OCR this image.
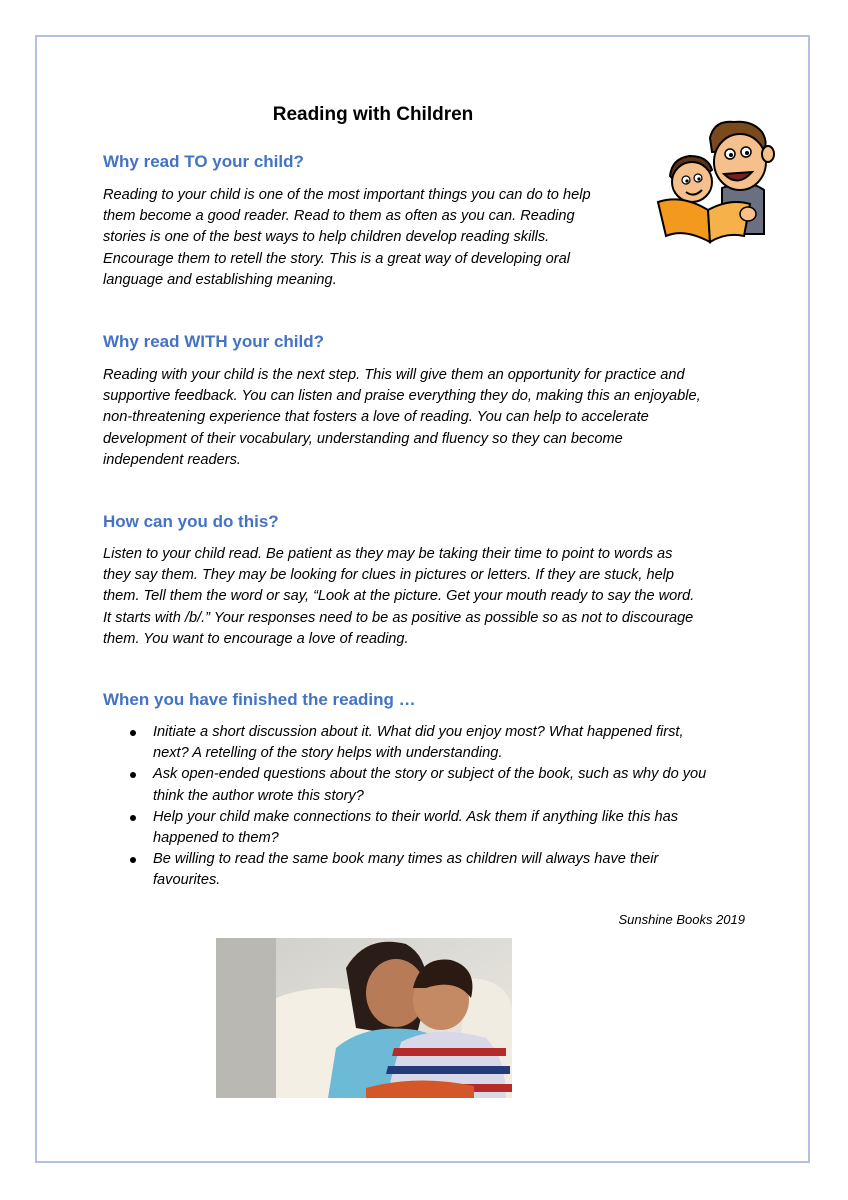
Reading with Children
Why read TO your child?
Reading to your child is one of the most important things you can do to help
them become a good reader. Read to them as often as you can. Reading
stories is one of the best ways to help children develop reading skills.
Encourage them to retell the story. This is a great way of developing oral
language and establishing meaning.
Why read WITH your child?
Reading with your child is the next step. This will give them an opportunity for practice and
supportive feedback. You can listen and praise everything they do, making this an enjoyable,
non-threatening experience that fosters a love of reading. You can help to accelerate
development of their vocabulary, understanding and fluency so they can become
independent readers.
How can you do this?
Listen to your child read. Be patient as they may be taking their time to point to words as
they say them. They may be looking for clues in pictures or letters. If they are stuck, help
them. Tell them the word or say, “Look at the picture. Get your mouth ready to say the word.
It starts with /b/.” Your responses need to be as positive as possible so as not to discourage
them. You want to encourage a love of reading.
When you have finished the reading …
Initiate a short discussion about it. What did you enjoy most? What happened first,
next? A retelling of the story helps with understanding.
Ask open-ended questions about the story or subject of the book, such as why do you
think the author wrote this story?
Help your child make connections to their world. Ask them if anything like this has
happened to them?
Be willing to read the same book many times as children will always have their
favourites.
Sunshine Books 2019
